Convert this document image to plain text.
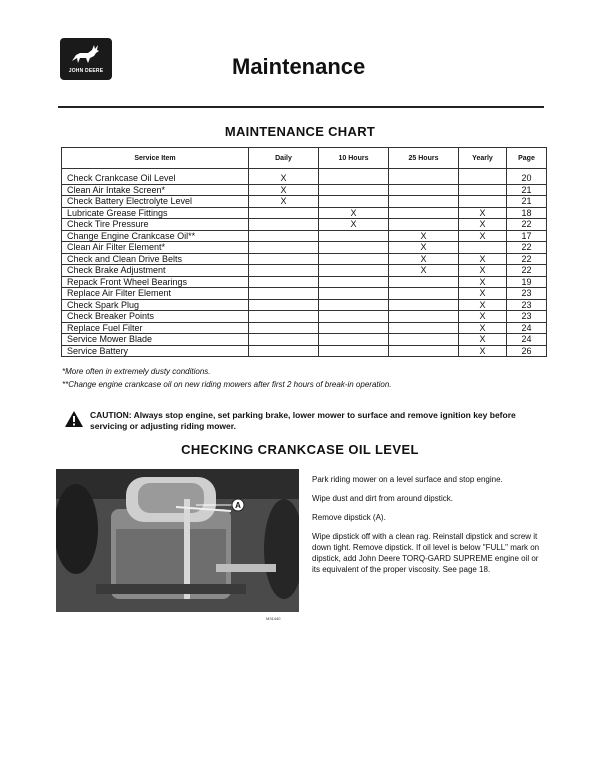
JOHN DEERE	Maintenance
MAINTENANCE CHART
Service Item	Daily	10 Hours	25 Hours	Yearly	Page
Check Crankcase Oil Level	X				20
Clean Air Intake Screen*	X				21
Check Battery Electrolyte Level	X				21
Lubricate Grease Fittings		X		X	18
Check Tire Pressure		X		X	22
Change Engine Crankcase Oil**			X	X	17
Clean Air Filter Element*			X		22
Check and Clean Drive Belts			X	X	22
Check Brake Adjustment			X	X	22
Repack Front Wheel Bearings				X	19
Replace Air Filter Element				X	23
Check Spark Plug				X	23
Check Breaker Points				X	23
Replace Fuel Filter				X	24
Service Mower Blade				X	24
Service Battery				X	26
*More often in extremely dusty conditions.
**Change engine crankcase oil on new riding mowers after first 2 hours of break-in operation.
CAUTION: Always stop engine, set parking brake, lower mower to surface and remove ignition key before servicing or adjusting riding mower.
CHECKING CRANKCASE OIL LEVEL
A
M31440

Park riding mower on a level surface and stop engine.

Wipe dust and dirt from around dipstick.

Remove dipstick (A).

Wipe dipstick off with a clean rag. Reinstall dipstick and screw it down tight. Remove dipstick. If oil level is below "FULL" mark on dipstick, add John Deere TORQ-GARD SUPREME engine oil or its equivalent of the proper viscosity. See page 18.
